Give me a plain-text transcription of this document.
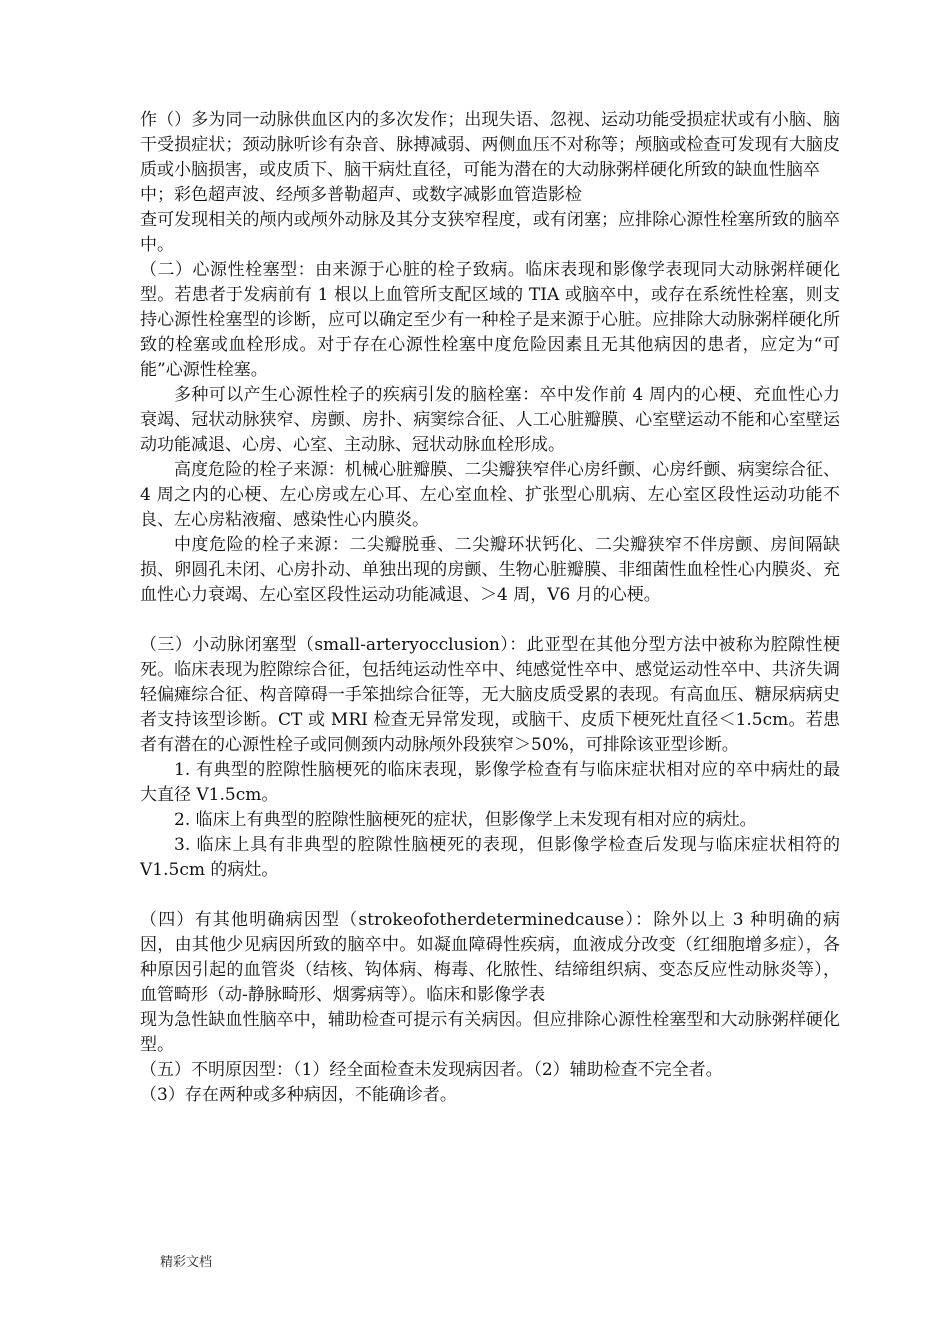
作（）多为同一动脉供血区内的多次发作；出现失语、忽视、运动功能受损症状或有小脑、脑干受损症状；颈动脉听诊有杂音、脉搏减弱、两侧血压不对称等；颅脑或检查可发现有大脑皮质或小脑损害，或皮质下、脑干病灶直径，可能为潜在的大动脉粥样硬化所致的缺血性脑卒

中；彩色超声波、经颅多普勒超声、或数字减影血管造影检

查可发现相关的颅内或颅外动脉及其分支狭窄程度，或有闭塞；应排除心源性栓塞所致的脑卒中。

（二）心源性栓塞型：由来源于心脏的栓子致病。临床表现和影像学表现同大动脉粥样硬化型。若患者于发病前有 1 根以上血管所支配区域的 TIA 或脑卒中，或存在系统性栓塞，则支持心源性栓塞型的诊断，应可以确定至少有一种栓子是来源于心脏。应排除大动脉粥样硬化所致的栓塞或血栓形成。对于存在心源性栓塞中度危险因素且无其他病因的患者，应定为“可能”心源性栓塞。

多种可以产生心源性栓子的疾病引发的脑栓塞：卒中发作前 4 周内的心梗、充血性心力衰竭、冠状动脉狭窄、房颤、房扑、病窦综合征、人工心脏瓣膜、心室壁运动不能和心室壁运动功能减退、心房、心室、主动脉、冠状动脉血栓形成。

高度危险的栓子来源：机械心脏瓣膜、二尖瓣狭窄伴心房纤颤、心房纤颤、病窦综合征、4 周之内的心梗、左心房或左心耳、左心室血栓、扩张型心肌病、左心室区段性运动功能不良、左心房粘液瘤、感染性心内膜炎。

中度危险的栓子来源：二尖瓣脱垂、二尖瓣环状钙化、二尖瓣狭窄不伴房颤、房间隔缺损、卵圆孔未闭、心房扑动、单独出现的房颤、生物心脏瓣膜、非细菌性血栓性心内膜炎、充血性心力衰竭、左心室区段性运动功能减退、＞4 周，V6 月的心梗。

（三）小动脉闭塞型（small-arteryocclusion）：此亚型在其他分型方法中被称为腔隙性梗死。临床表现为腔隙综合征，包括纯运动性卒中、纯感觉性卒中、感觉运动性卒中、共济失调轻偏瘫综合征、构音障碍一手笨拙综合征等，无大脑皮质受累的表现。有高血压、糖尿病病史者支持该型诊断。CT 或 MRI 检查无异常发现，或脑干、皮质下梗死灶直径＜1.5cm。若患者有潜在的心源性栓子或同侧颈内动脉颅外段狭窄＞50%，可排除该亚型诊断。

1. 有典型的腔隙性脑梗死的临床表现，影像学检查有与临床症状相对应的卒中病灶的最大直径 V1.5cm。

2. 临床上有典型的腔隙性脑梗死的症状，但影像学上未发现有相对应的病灶。

3. 临床上具有非典型的腔隙性脑梗死的表现，但影像学检查后发现与临床症状相符的 V1.5cm 的病灶。

（四）有其他明确病因型（strokeofotherdeterminedcause）：除外以上 3 种明确的病因，由其他少见病因所致的脑卒中。如凝血障碍性疾病，血液成分改变（红细胞增多症），各种原因引起的血管炎（结核、钩体病、梅毒、化脓性、结缔组织病、变态反应性动脉炎等），血管畸形（动-静脉畸形、烟雾病等）。临床和影像学表

现为急性缺血性脑卒中，辅助检查可提示有关病因。但应排除心源性栓塞型和大动脉粥样硬化型。

（五）不明原因型：（1）经全面检查未发现病因者。（2）辅助检查不完全者。

（3）存在两种或多种病因，不能确诊者。

精彩文档
